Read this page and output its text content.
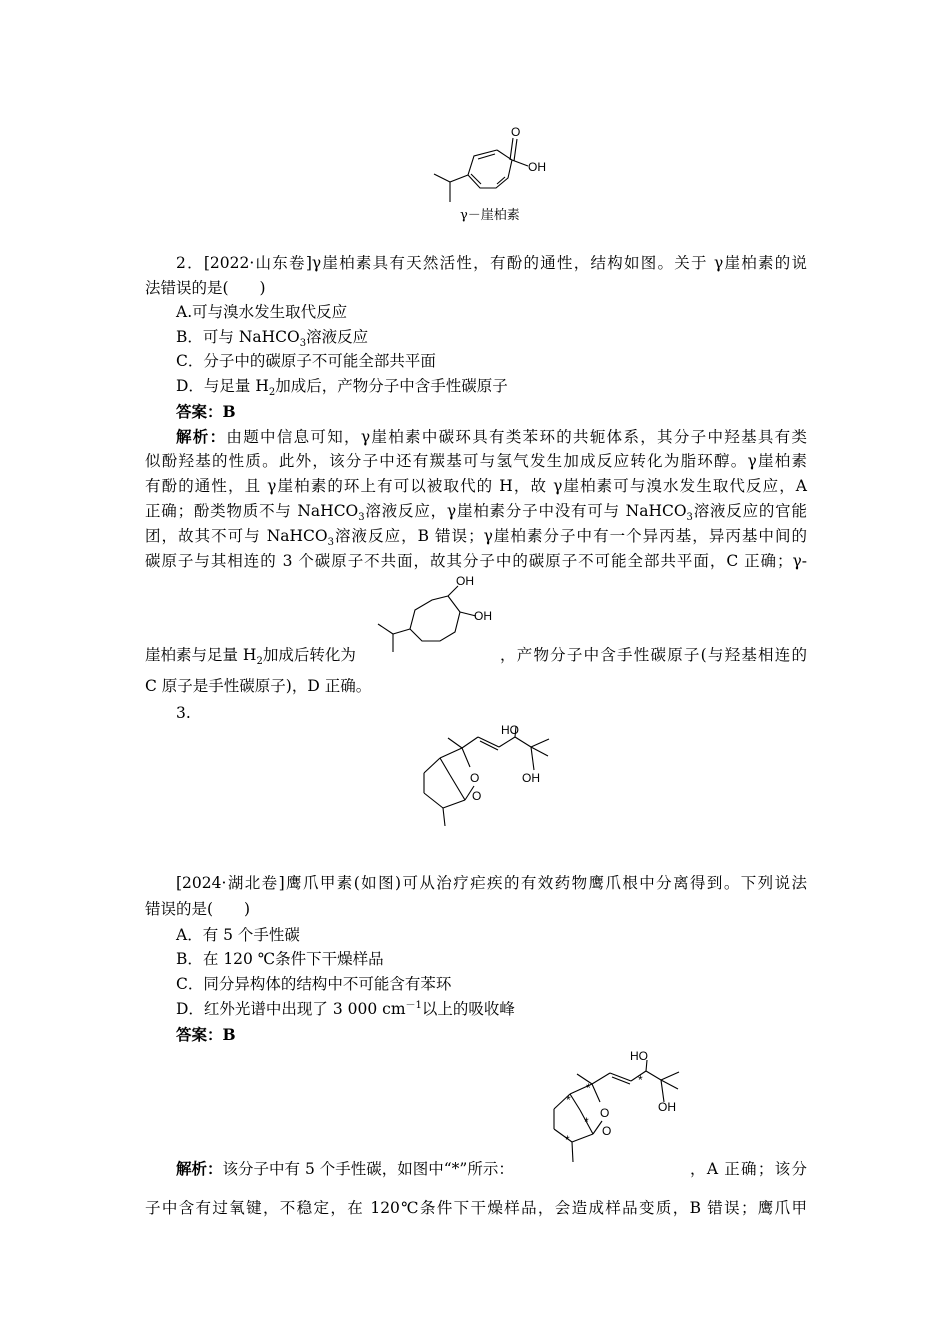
O
OH
γ－崖柏素
2．[2022·山东卷]γ崖柏素具有天然活性，有酚的通性，结构如图。关于 γ崖柏素的说
法错误的是(　　)
A.可与溴水发生取代反应
B．可与 NaHCO$_3$溶液反应
C．分子中的碳原子不可能全部共平面
D．与足量 $H_2$加成后，产物分子中含手性碳原子
答案：B
解析：由题中信息可知，γ崖柏素中碳环具有类苯环的共轭体系，其分子中羟基具有类
似酚羟基的性质。此外，该分子中还有羰基可与氢气发生加成反应转化为脂环醇。γ崖柏素
有酚的通性，且 γ崖柏素的环上有可以被取代的 H，故 γ崖柏素可与溴水发生取代反应，A
正确；酚类物质不与 NaHCO$_3$溶液反应，γ崖柏素分子中没有可与 NaHCO$_3$溶液反应的官能
团，故其不可与 NaHCO$_3$溶液反应，B 错误；γ崖柏素分子中有一个异丙基，异丙基中间的
碳原子与其相连的 3 个碳原子不共面，故其分子中的碳原子不可能全部共平面，C 正确；γ-
OH
OH
崖柏素与足量 $H_2$加成后转化为	，产物分子中含手性碳原子(与羟基相连的
C 原子是手性碳原子)，D 正确。
3.
O
O
HO
OH
[2024·湖北卷]鹰爪甲素(如图)可从治疗疟疾的有效药物鹰爪根中分离得到。下列说法
错误的是(　　)
A．有 5 个手性碳
B．在 120 ℃条件下干燥样品
C．同分异构体的结构中不可能含有苯环
D．红外光谱中出现了 3 000 $cm^{-1}$以上的吸收峰
答案：B
O
O
HO
OH
*
*
*
*
*
解析：该分子中有 5 个手性碳，如图中“*”所示：	，A 正确；该分
子中含有过氧键，不稳定，在 120℃条件下干燥样品，会造成样品变质，B 错误；鹰爪甲
